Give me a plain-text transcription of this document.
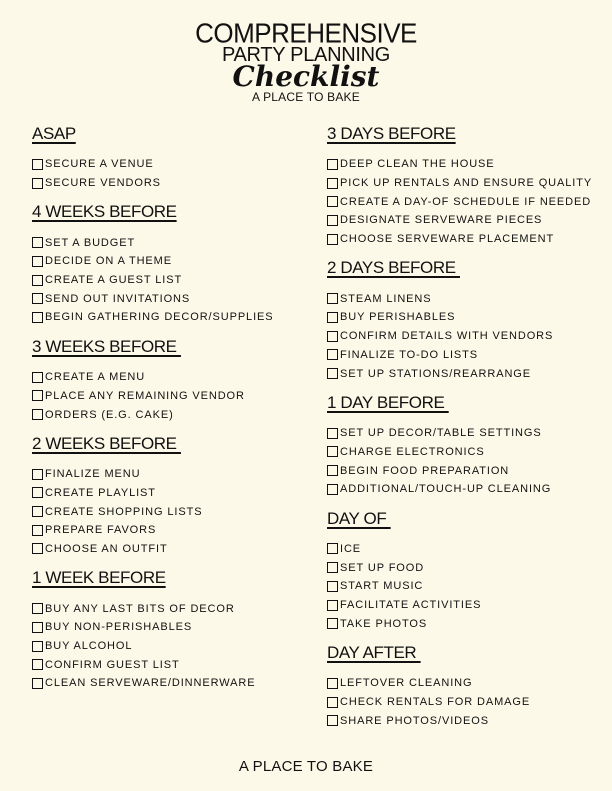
COMPREHENSIVE
PARTY PLANNING
Checklist
A PLACE TO BAKE
ASAP
SECURE A VENUE
SECURE VENDORS
4 WEEKS BEFORE
SET A BUDGET
DECIDE ON A THEME
CREATE A GUEST LIST
SEND OUT INVITATIONS
BEGIN GATHERING DECOR/SUPPLIES
3 WEEKS BEFORE
CREATE A MENU
PLACE ANY REMAINING VENDOR
ORDERS (E.G. CAKE)
2 WEEKS BEFORE
FINALIZE MENU
CREATE PLAYLIST
CREATE SHOPPING LISTS
PREPARE FAVORS
CHOOSE AN OUTFIT
1 WEEK BEFORE
BUY ANY LAST BITS OF DECOR
BUY NON-PERISHABLES
BUY ALCOHOL
CONFIRM GUEST LIST
CLEAN SERVEWARE/DINNERWARE
3 DAYS BEFORE
DEEP CLEAN THE HOUSE
PICK UP RENTALS AND ENSURE QUALITY
CREATE A DAY-OF SCHEDULE IF NEEDED
DESIGNATE SERVEWARE PIECES
CHOOSE SERVEWARE PLACEMENT
2 DAYS BEFORE
STEAM LINENS
BUY PERISHABLES
CONFIRM DETAILS WITH VENDORS
FINALIZE TO-DO LISTS
SET UP STATIONS/REARRANGE
1 DAY BEFORE
SET UP DECOR/TABLE SETTINGS
CHARGE ELECTRONICS
BEGIN FOOD PREPARATION
ADDITIONAL/TOUCH-UP CLEANING
DAY OF
ICE
SET UP FOOD
START MUSIC
FACILITATE ACTIVITIES
TAKE PHOTOS
DAY AFTER
LEFTOVER CLEANING
CHECK RENTALS FOR DAMAGE
SHARE PHOTOS/VIDEOS
A PLACE TO BAKE
